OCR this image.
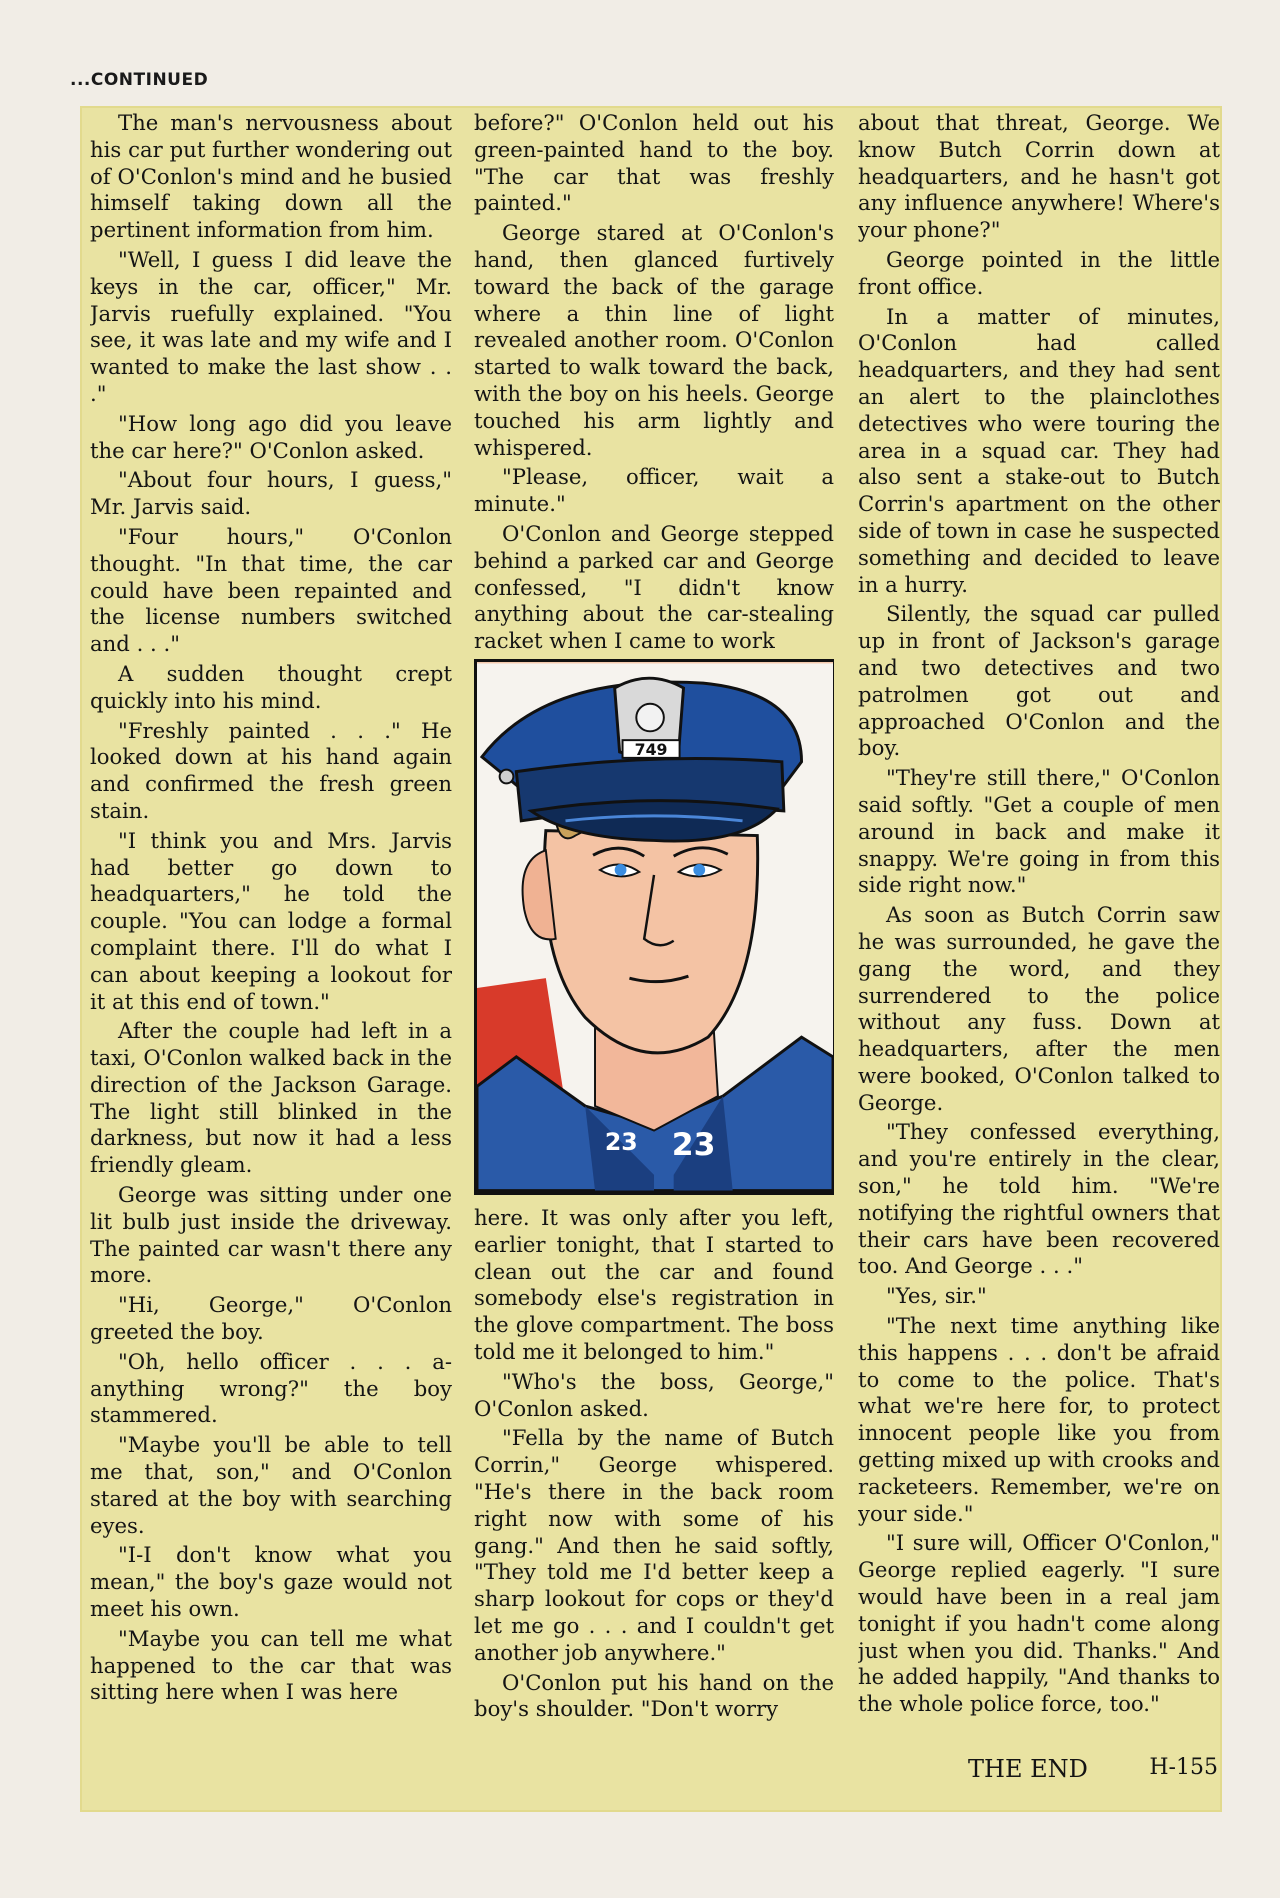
...CONTINUED

The man's nervousness about his car put further wondering out of O'Conlon's mind and he busied himself taking down all the pertinent information from him.

"Well, I guess I did leave the keys in the car, officer," Mr. Jarvis ruefully explained. "You see, it was late and my wife and I wanted to make the last show . . ."

"How long ago did you leave the car here?" O'Conlon asked.

"About four hours, I guess," Mr. Jarvis said.

"Four hours," O'Conlon thought. "In that time, the car could have been repainted and the license numbers switched and . . ."

A sudden thought crept quickly into his mind.

"Freshly painted . . ." He looked down at his hand again and confirmed the fresh green stain.

"I think you and Mrs. Jarvis had better go down to headquarters," he told the couple. "You can lodge a formal complaint there. I'll do what I can about keeping a lookout for it at this end of town."

After the couple had left in a taxi, O'Conlon walked back in the direction of the Jackson Garage. The light still blinked in the darkness, but now it had a less friendly gleam.

George was sitting under one lit bulb just inside the driveway. The painted car wasn't there any more.

"Hi, George," O'Conlon greeted the boy.

"Oh, hello officer . . . a-anything wrong?" the boy stammered.

"Maybe you'll be able to tell me that, son," and O'Conlon stared at the boy with searching eyes.

"I-I don't know what you mean," the boy's gaze would not meet his own.

"Maybe you can tell me what happened to the car that was sitting here when I was here

before?" O'Conlon held out his green-painted hand to the boy. "The car that was freshly painted."

George stared at O'Conlon's hand, then glanced furtively toward the back of the garage where a thin line of light revealed another room. O'Conlon started to walk toward the back, with the boy on his heels. George touched his arm lightly and whispered.

"Please, officer, wait a minute."

O'Conlon and George stepped behind a parked car and George confessed, "I didn't know anything about the car-stealing racket when I came to work

749
23 23

here. It was only after you left, earlier tonight, that I started to clean out the car and found somebody else's registration in the glove compartment. The boss told me it belonged to him."

"Who's the boss, George," O'Conlon asked.

"Fella by the name of Butch Corrin," George whispered. "He's there in the back room right now with some of his gang." And then he said softly, "They told me I'd better keep a sharp lookout for cops or they'd let me go . . . and I couldn't get another job anywhere."

O'Conlon put his hand on the boy's shoulder. "Don't worry

about that threat, George. We know Butch Corrin down at headquarters, and he hasn't got any influence anywhere! Where's your phone?"

George pointed in the little front office.

In a matter of minutes, O'Conlon had called headquarters, and they had sent an alert to the plainclothes detectives who were touring the area in a squad car. They had also sent a stake-out to Butch Corrin's apartment on the other side of town in case he suspected something and decided to leave in a hurry.

Silently, the squad car pulled up in front of Jackson's garage and two detectives and two patrolmen got out and approached O'Conlon and the boy.

"They're still there," O'Conlon said softly. "Get a couple of men around in back and make it snappy. We're going in from this side right now."

As soon as Butch Corrin saw he was surrounded, he gave the gang the word, and they surrendered to the police without any fuss. Down at headquarters, after the men were booked, O'Conlon talked to George.

"They confessed everything, and you're entirely in the clear, son," he told him. "We're notifying the rightful owners that their cars have been recovered too. And George . . ."

"Yes, sir."

"The next time anything like this happens . . . don't be afraid to come to the police. That's what we're here for, to protect innocent people like you from getting mixed up with crooks and racketeers. Remember, we're on your side."

"I sure will, Officer O'Conlon," George replied eagerly. "I sure would have been in a real jam tonight if you hadn't come along just when you did. Thanks." And he added happily, "And thanks to the whole police force, too."

THE END	H-155
